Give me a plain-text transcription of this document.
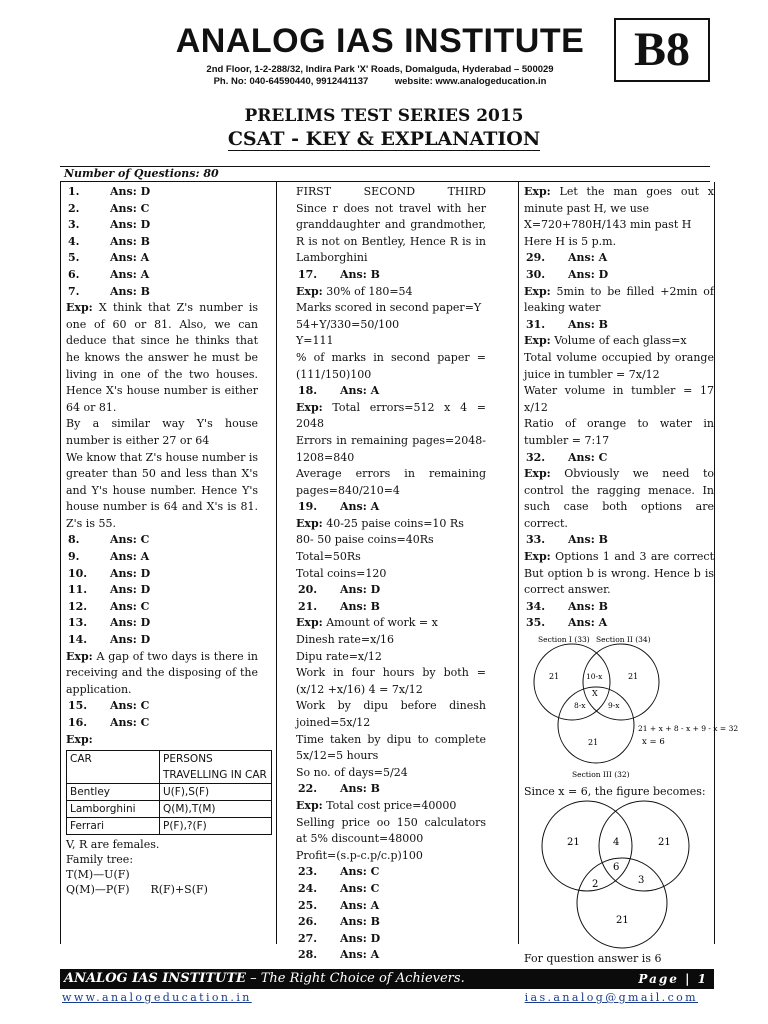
ANALOG IAS INSTITUTE
2nd Floor, 1-2-288/32, Indira Park 'X' Roads, Domalguda, Hyderabad – 500029
Ph. No: 040-64590440, 9912441137          website: www.analogeducation.in
B8
PRELIMS TEST SERIES 2015
CSAT - KEY & EXPLANATION
Number of Questions: 80
1.	Ans: D
2.	Ans: C
3.	Ans: D
4.	Ans: B
5.	Ans: A
6.	Ans: A
7.	Ans: B
Exp: X think that Z's number is one of 60 or 81. Also, we can deduce that since he thinks that he knows the answer he must be living in one of the two houses. Hence X's house number is either 64 or 81.
By a similar way Y's house number is either 27 or 64
We know that Z's house number is greater than 50 and less than X's and Y's house number. Hence Y's house number is 64 and X's is 81. Z's is 55.
8.	Ans: C
9.	Ans: A
10.	Ans: D
11.	Ans: D
12.	Ans: C
13.	Ans: D
14.	Ans: D
Exp: A gap of two days is there in receiving and the disposing of the application.
15.	Ans: C
16.	Ans: C
Exp:
CAR	PERSONS TRAVELLING IN CAR
Bentley	U(F),S(F)
Lamborghini	Q(M),T(M)
Ferrari	P(F),?(F)
V, R are females.
Family tree:
T(M)—U(F)
Q(M)—P(F)      R(F)+S(F)
FIRST	SECOND	THIRD
Since r does not travel with her granddaughter and grandmother, R is not on Bentley, Hence R is in Lamborghini
17.	Ans: B
Exp: 30% of 180=54
Marks scored in second paper=Y
54+Y/330=50/100
Y=111
% of marks in second paper =(111/150)100
18.	Ans: A
Exp: Total errors=512 x 4 = 2048
Errors in remaining pages=2048-1208=840
Average errors in remaining pages=840/210=4
19.	Ans: A
Exp: 40-25 paise coins=10 Rs
80- 50 paise coins=40Rs
Total=50Rs
Total coins=120
20.	Ans: D
21.	Ans: B
Exp: Amount of work = x
Dinesh rate=x/16
Dipu rate=x/12
Work in four hours by both = (x/12 +x/16) 4 = 7x/12
Work by dipu before dinesh joined=5x/12
Time taken by dipu to complete 5x/12=5 hours
So no. of days=5/24
22.	Ans: B
Exp: Total cost price=40000
Selling price oo 150 calculators at 5% discount=48000
Profit=(s.p-c.p/c.p)100
23.	Ans: C
24.	Ans: C
25.	Ans: A
26.	Ans: B
27.	Ans: D
28.	Ans: A
Exp: Let the man goes out x minute past H, we use
X=720+780H/143 min past H
Here H is 5 p.m.
29.	Ans: A
30.	Ans: D
Exp: 5min to be filled +2min of leaking water
31.	Ans: B
Exp: Volume of each glass=x
Total volume occupied by orange juice in tumbler = 7x/12
Water volume in tumbler = 17 x/12
Ratio of orange to water in tumbler = 7:17
32.	Ans: C
Exp: Obviously we need to control the ragging menace. In such case both options are correct.
33.	Ans: B
Exp: Options 1 and 3 are correct But option b is wrong. Hence b is correct answer.
34.	Ans: B
35.	Ans: A
Section I (33) Section II (34)
21	21
10-x
X
8-x	9-x
21
21 + x + 8 - x + 9 - x = 32
x = 6
Section III (32)
Since x = 6, the figure becomes:
21	21
4
6
2	3
21
For question answer is 6
ANALOG IAS INSTITUTE – The Right Choice of Achievers.	Page | 1
www.analogeducation.in	ias.analog@gmail.com
